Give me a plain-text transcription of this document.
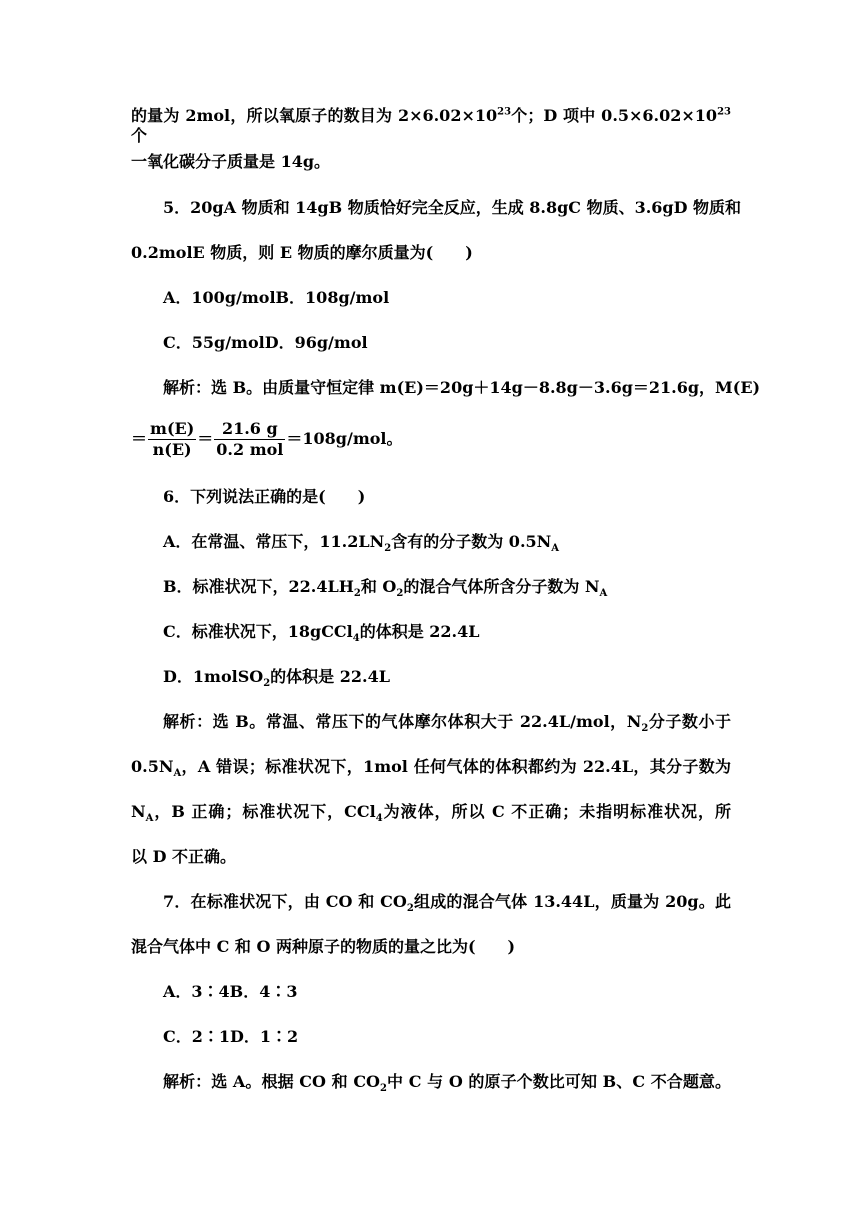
的量为 2mol，所以氧原子的数目为 $2\times 6.02\times 10^{23}$个；D 项中 $0.5\times 6.02\times 10^{23}$个
一氧化碳分子质量是 14g。
5．20gA 物质和 14gB 物质恰好完全反应，生成 8.8gC 物质、3.6gD 物质和
0.2molE 物质，则 E 物质的摩尔质量为(　　)
A．100g/molB．108g/mol
C．55g/molD．96g/mol
解析：选 B。由质量守恒定律 m(E)＝20g＋14g－8.8g－3.6g＝21.6g，M(E)
＝ $\frac{m(E)}{n(E)} = \frac{21.6 g}{\text{0.2 mol}} =108g/mol$。
6．下列说法正确的是(　　)
A．在常温、常压下，$11.2LN_2$含有的分子数为 $0.5N_A$
B．标准状况下，$22.4LH_2$和 $O_2$的混合气体所含分子数为 $N_A$
C．标准状况下，18gCCl$_4$的体积是 22.4L
D．1molSO$_2$的体积是 22.4L
解析：选 B。常温、常压下的气体摩尔体积大于 22.4L/mol，$N_2$分子数小于
$0.5N_A$，A 错误；标准状况下，1mol 任何气体的体积都约为 22.4L，其分子数为
$N_A$，B 正确；标准状况下，CCl$_4$为液体，所以 C 不正确；未指明标准状况，所
以 D 不正确。
7．在标准状况下，由 CO 和 $CO_2$组成的混合气体 13.44L，质量为 20g。此
混合气体中 C 和 O 两种原子的物质的量之比为(　　)
A．3∶4B．4∶3
C．2∶1D．1∶2
解析：选 A。根据 CO 和 $CO_2$中 C 与 O 的原子个数比可知 B、C 不合题意。
